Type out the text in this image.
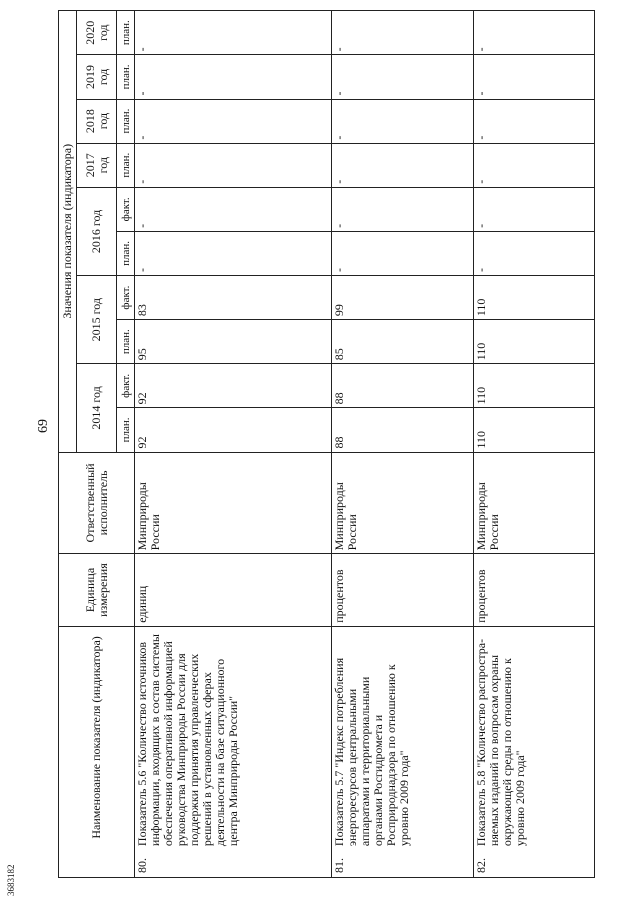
69
3683182
	Наименование показателя (индикатора)	Единица измерения	Ответственный исполнитель	Значения показателя (индикатора)									
				2014 год		2015 год		2016 год		2017 год	2018 год	2019 год	2020 год
				план.	факт.	план.	факт.	план.	факт.	план.	план.	план.	план.
80.	Показатель 5.6 "Количество источников информации, входящих в состав системы обеспечения оперативной информацией руководства Минприроды России для поддержки принятия управленческих решений в установленных сферах деятельности на базе ситуационного центра Минприроды России"	единиц	Минприроды России	92	92	95	83	-	-	-	-	-	-
81.	Показатель 5.7 "Индекс потребления энергоресурсов центральными аппаратами и территориальными органами Росгидромета и Росприроднадзора по отношению к уровню 2009 года"	процентов	Минприроды России	88	88	85	99	-	-	-	-	-	-
82.	Показатель 5.8 "Количество распростра-няемых изданий по вопросам охраны окружающей среды по отношению к уровню 2009 года"	процентов	Минприроды России	110	110	110	110	-	-	-	-	-	-
